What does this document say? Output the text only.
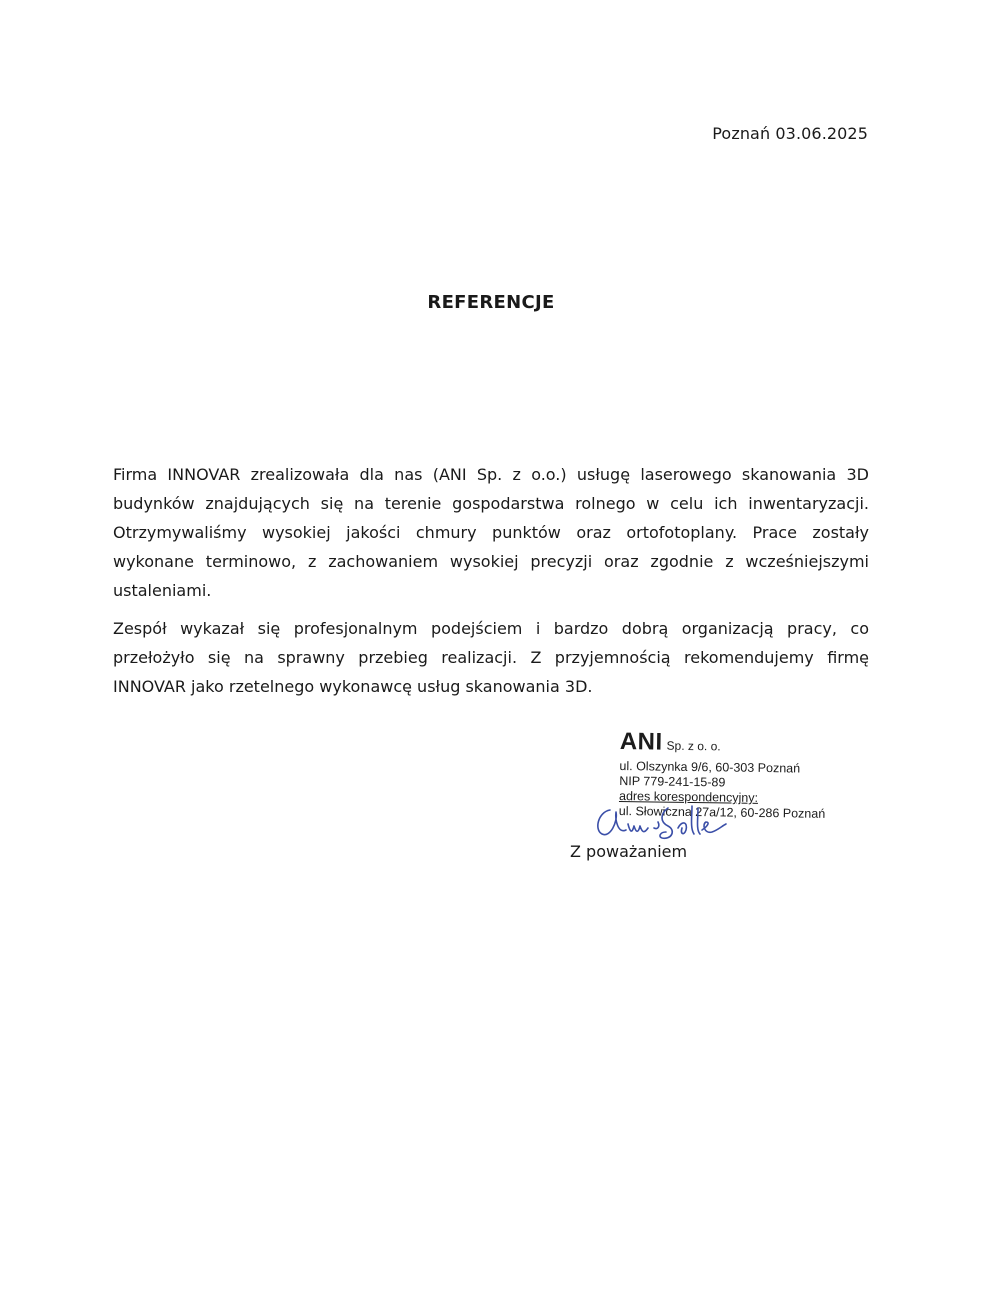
Poznań 03.06.2025
REFERENCJE

Firma INNOVAR zrealizowała dla nas (ANI Sp. z o.o.) usługę laserowego skanowania 3D budynków znajdujących się na terenie gospodarstwa rolnego w celu ich inwentaryzacji. Otrzymywaliśmy wysokiej jakości chmury punktów oraz ortofotoplany. Prace zostały wykonane terminowo, z zachowaniem wysokiej precyzji oraz zgodnie z wcześniejszymi ustaleniami.

Zespół wykazał się profesjonalnym podejściem i bardzo dobrą organizacją pracy, co przełożyło się na sprawny przebieg realizacji. Z przyjemnością rekomendujemy firmę INNOVAR jako rzetelnego wykonawcę usług skanowania 3D.

ANI Sp. z o. o.
ul. Olszynka 9/6, 60-303 Poznań
NIP 779-241-15-89
adres korespondencyjny:
ul. Słowiczna 27a/12, 60-286 Poznań
Z poważaniem
